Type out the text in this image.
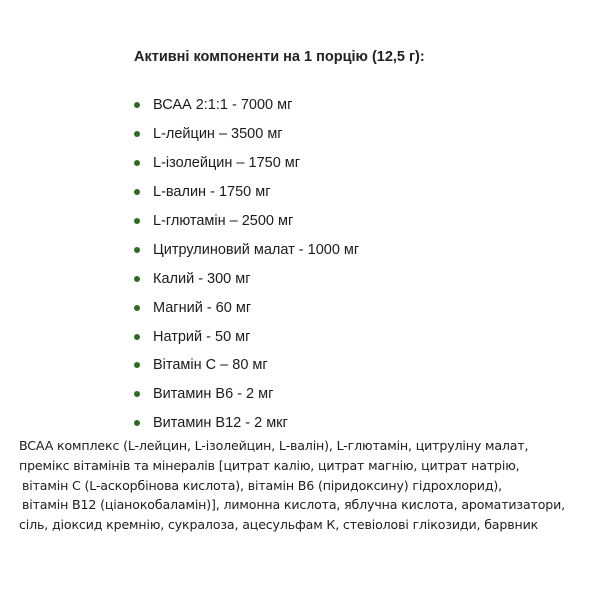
Активні компоненти на 1 порцію (12,5 г):
ВСАА 2:1:1 - 7000 мг
L-лейцин – 3500 мг
L-ізолейцин – 1750 мг
L-валин - 1750 мг
L-глютамін – 2500 мг
Цитрулиновий малат - 1000 мг
Калий - 300 мг
Магний - 60 мг
Натрий - 50 мг
Вітамін С – 80 мг
Витамин В6 - 2 мг
Витамин В12 - 2 мкг
BCAA комплекс (L-лейцин, L-ізолейцин, L-валін), L-глютамін, цитруліну малат,
премікс вітамінів та мінералів [цитрат калію, цитрат магнію, цитрат натрію,
вітамін С (L-аскорбінова кислота), вітамін В6 (піридоксину) гідрохлорид),
вітамін В12 (ціанокобаламін)], лимонна кислота, яблучна кислота, ароматизатори,
сіль, діоксид кремнію, сукралоза, ацесульфам К, стевіолові глікозиди, барвник
